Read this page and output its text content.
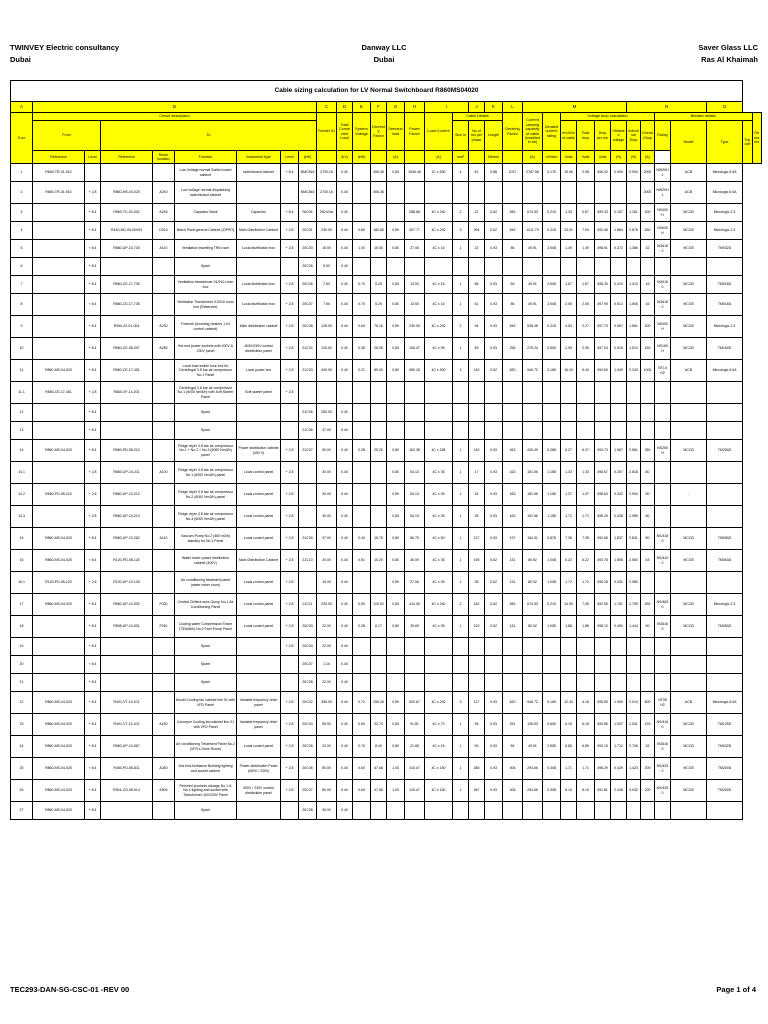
TWINVEY Electric consultancy
Dubai
Danway LLC
Dubai
Saver Glass LLC
Ras Al Khaimah
Cable sizing calculation for LV Normal Switchboard R860MS04020																																
A	B								C	D	E	F	G	H	I		J	K	L	M						N				O		
S.no	Circuit description								Feeder ID	Total Connected Load	System Voltage	Diversity Factor	Demand load	Power Factor	Load Current	Cable Details			Derating Factor	Current carrying capacity of cable (installed in air)	Derated current rating	Voltage drop calculation						Breaker details				Remarks
	From		To													Size in	No of run per phase	Length				mV/A/m of cable	Total drop	Drop per run	Obtained voltage	Individual Drop	Overall Drop	Rating	Model	Type	Tripunit	
	Reference	Level	Reference	Room location	Function	Instrument type	Level	(kW)		(kV)	(kW)		(A)		(A)					(A)												
																mm²		Meters			mV/Am	Volts	Volts	Volts	(%)	(%)	(A)					
1	R860-TR-01-910				Low Voltage normal Switch board cabinet	switchboard cabinet	+ 8.4	NMC816	2700.16	0.40		306.36	0.80	1546.46	1C x 630	4	61	0.88	1027	2787.58	0.176	15.06	3.98	396.02	0.994	0.994	2000	NW20H1	ACB	Micrologic 6.0A		
2	R860-TR-01-910	+ 2.8	R860-MS-04-020	A240	Low voltage normal dispatching switchboard cabinet			NMC846	2700.16	0.40		306.36															2000	NW20H1	ACB	Micrologic 6.0A		
3		+ 8.4	R860-TC-20-002	A240	Capacitor Bank	Capacitor	+ 8.4	NIC05	250 kVar	0.40				288.68	4C x 240	2	22	0.62	545	674.53	0.215	1.33	0.67	399.33	0.167	1.161	400	NS400H	MCCB	Micrologic 2.3		
4		+ 8.4	R440-MC-05-00003	D010	Batch Plant general Cabinet (ZIPPO)	Main Distribution Cabinet	+ 2.8	20C01	230.00	0.40	0.80	180.80	0.80	407.77	4C x 240	3	264	0.62	545	1011.79	0.215	23.01	7.54	392.46	1.884	2.878	630	NS630H	MCCB	Micrologic 2.3		
5		+ 8.4	R860-UP-10-730	A110	Ventilation travelling TR6 room	Local distribution box	+ 2.8	20C03	15.00	0.40	1.00	15.00	0.80	27.06	4C x 16	1	22	0.93	56	49.91	2.508	1.49	1.49	398.51	0.372	1.366	32	NG6160	MCCB	TM032D		
6		+ 8.4			Spare			20C05	5.00	0.40																						
7		+ 8.4	R860-CE-17-730		Ventilation transformer 01/910 room box	Local distribution box	+ 2.8	20C06	7.50	0.40	0.70	5.25	0.80	13.53	4C x 16	1	58	0.93	56	49.91	2.508	1.67	1.67	398.33	0.419	1.413	16	NG6160	MCCB	TM016D		
8		+ 8.4	R860-CE-17-735		Ventilation Transformer 01/910 room box (Reserved)	Local distribution box	+ 2.8	20C07	7.50	0.40	0.70	5.25	0.80	13.53	4C x 16	1	61	0.93	56	49.91	2.508	2.05	2.05	397.95	0.512	1.506	16	NG6160	MCCB	TM016D		
9		+ 8.4	R490-AT-01-004	A230	Forteoth (boosting heaters 1.04 control cabinet)	Main distribution cabinet	+ 2.8	20C08	128.00	0.40	0.60	76.16	0.80	230.05	4C x 240	2	94	0.93	545	538.48	0.215	4.53	2.27	397.73	0.567	1.561	400	NS400H	MCCB	Micrologic 2.3		
10		+ 8.4	R860-CE-08-007	A280	Hot end power sockets with 400V & 230V panel	400V/230V control distribution panel	+ 2.8	21C02	115.00	0.40	0.36	28.05	0.80	106.47	4C x 95	1	83	0.93	296	275.24	0.505	2.95	2.95	397.04	0.516	1.510	160	NS160H	MCCB	TM160D		
11	R860-MS-04-020	+ 8.4	R860-CE-17-451		Local load switch fuse box for Centrifugal 3.8 bar air compressor No.1 Panel	Local power box	+ 2.8	21C03	400.00	0.40	0.21	85.00	0.80	580.15	4C x 300	3	140	0.62	620	946.72	0.165	16.19	5.40	394.60	1.349	2.343	1000	NT10 H2	ACB	Micrologic 6.0A		
11.1	R860-CE-17-451	+ 2.8	R860-VF-14-201		Centrifugal 3.8 bar air compressor No.1 (6000 Nm3/h) with Soft Starter Panel	Soft starter panel	+ 2.8																									
12		+ 8.4			Spare			21C05	250.00	0.40																						
13		+ 8.4			Spare			21C06	37.00	0.40																						
14	R860-MS-04-020	+ 8.4	R860-PD-08-210		Fridge dryer 3.8 bar air compressor No.1 + No.2 + No.3 (6000 Nm3/h) panel	Power distribution cabinet (400 V)	+ 2.8	21C07	90.00	0.40	0.28	25.20	0.80	162.38	4C x 185	1	140	0.93	463	430.49	0.268	6.27	6.27	393.73	1.567	2.561	250	NS250H	MCCB	TM250D		
14.1		+ 2.8	R860-UP-10-211	A100	Fridge dryer 3.8 bar air compressor No.1 (6000 Nm3/h) panel	Local control panel	+ 2.8		30.00	0.40			0.80	54.13	4C x 35	1	17	0.93	163	151.56	1.158	1.33	1.33	398.67	0.267	2.818	80					
14.2	R860-PD-08-210	+ 2.8	R860-UP-10-212		Fridge dryer 3.8 bar air compressor No.2 (6000 Nm3/h) panel	Local control panel	+ 2.8		30.00	0.40			0.80	54.13	4C x 35	1	24	0.93	163	151.56	1.158	1.37	1.37	398.63	0.342	2.904	80		-			
14.3		+ 2.8	R860-UP-10-213		Fridge dryer 3.8 bar air compressor No.3 (6000 Nm3/h) panel	Local control panel	+ 2.8		30.00	0.40			0.80	54.13	4C x 35	1	28	0.93	163	151.56	1.158	1.71	1.71	398.29	0.428	2.989	80					
15	R860-MS-04-020	+ 8.4	R860-UP-10-262	A110	Vacuum Pump No.2 (460 m3/h) standby for No.1 Panel	Local control panel	+ 2.8	21C09	37.00	0.40	0.40	15.75	0.80	66.75	4C x 50	1	127	0.93	197	184.31	0.878	7.35	7.35	392.65	1.837	2.831	80	NS/4180	MCCB	TM080D		
16	R860-MS-04-020	+ 8.4	R120-PD-08-120		Water tower power distribution cabinet (400V)	Main Distribution Cabinet	+ 2.8	21C10	20.00	0.40	0.51	10.20	0.80	36.09	4C x 35	1	195	0.62	131	80.92	1.008	6.22	6.22	393.78	1.556	2.550	63	NS/4100	MCCB	TM063D		
16.1	R120-PD-08-120	+ 2.8	R120-UP-10-130		Air conditioning treatment panel (water tower room)	Local control panel	+ 2.8		15.00	0.40			0.80	27.06	4C x 35	1	35	0.62	131	80.92	1.008	1.72	1.72	398.28	0.431	2.980						
17	R860-MS-04-020	+ 8.4	R860-UP-10-502	F030	Central Chillers area Group No.1 Air Conditioning Panel	Local control panel	+ 2.8	21C11	230.00	0.40	0.50	115.00	0.80	414.06	4C x 240	2	162	0.62	545	674.53	0.215	14.09	7.05	392.95	1.761	2.755	630	NS/4630	MCCB	Micrologic 2.3		
18		+ 8.4	R808-UP-10-501	F061	Cooling water Compression Tower (730kW/h) No.2 Fan+Pump Panel	Local control panel	+ 2.8	20C03	22.00	0.40	0.28	6.17	0.80	39.69	4C x 35	1	120	0.62	131	80.92	1.008	1.88	1.88	398.12	0.450	1.444	50	NG6160	MCCB	TM050D		
19		+ 8.4			Spare		+ 2.8	20C04	22.00	0.40																						
20		+ 8.4			Spare			20C07	1.10	0.40																						
21		+ 8.4			Spare			20C08	22.00	0.40																						
22	R860-MS-04-020	+ 8.4	R491-VT-13-101		Mould Cooling fan cabinet line 01 with VFD Panel	Variable frequency drive panel	+ 2.8	20C02	355.00	0.40	0.72	255.49	0.80	520.67	4C x 240	3	127	0.93	620	946.72	0.165	12.34	4.16	395.50	1.050	2.014	800	NT08 H2	ACB	Micrologic 6.0A		
23	R860-MS-04-020	+ 8.4	R491-VT-13-102	A150	Conveyor Cooling fan cabinet line 01 with VFD Panel	Variable frequency drive panel	+ 2.8	20C03	55.00	0.40	0.60	32.73	0.80	91.81	4C x 70	1	95	0.93	251	126.53	0.606	6.15	6.15	393.85	1.537	2.531	125	NS/4160	MCCB	TM125D		
24	R860-MS-04-020	+ 8.4	R860-UP-10-567		Air conditioning Treatment Panel No.2 (VFD's Drive Room)	Local control panel	+ 2.8	20C05	12.00	0.40	0.70	8.40	0.80	21.65	4C x 16	1	59	0.93	56	49.91	2.508	6.85	6.85	393.15	1.712	2.706	32	NG6160	MCCB	TM032D		
25	R860-MS-04-020	+ 8.4	R460-PD-08-811	A260	Hot end Ambiance Building lighting and socket cabinet	Power distribution Panel (400V / 230V)	+ 2.8	20C06	80.00	0.40	0.60	47.68	1.00	115.47	4C x 150	1	285	0.93	406	294.66	0.308	1.71	1.71	398.29	0.429	1.423	200	NS/4250	MCCB	TM200D		
26	R860-MS-04-020	+ 8.4	R541-CD-08-914	A900	Finished products storage No.1 & No.4 lighting and socket with Transformer 400/230V Panel	400V / 230V control distribution panel	+ 2.8	20C07	80.00	0.40	0.60	47.68	1.00	115.47	4C x 150	1	267	0.93	406	294.66	0.308	8.19	8.19	391.81	2.048	3.042	200	NS/4250	MCCB	TM200D		
27	R860-MS-04-020	+ 8.4			Spare			20C08	30.00	0.40																						
TEC293-DAN-SG-CSC-01 -REV 00	Page 1 of 4
